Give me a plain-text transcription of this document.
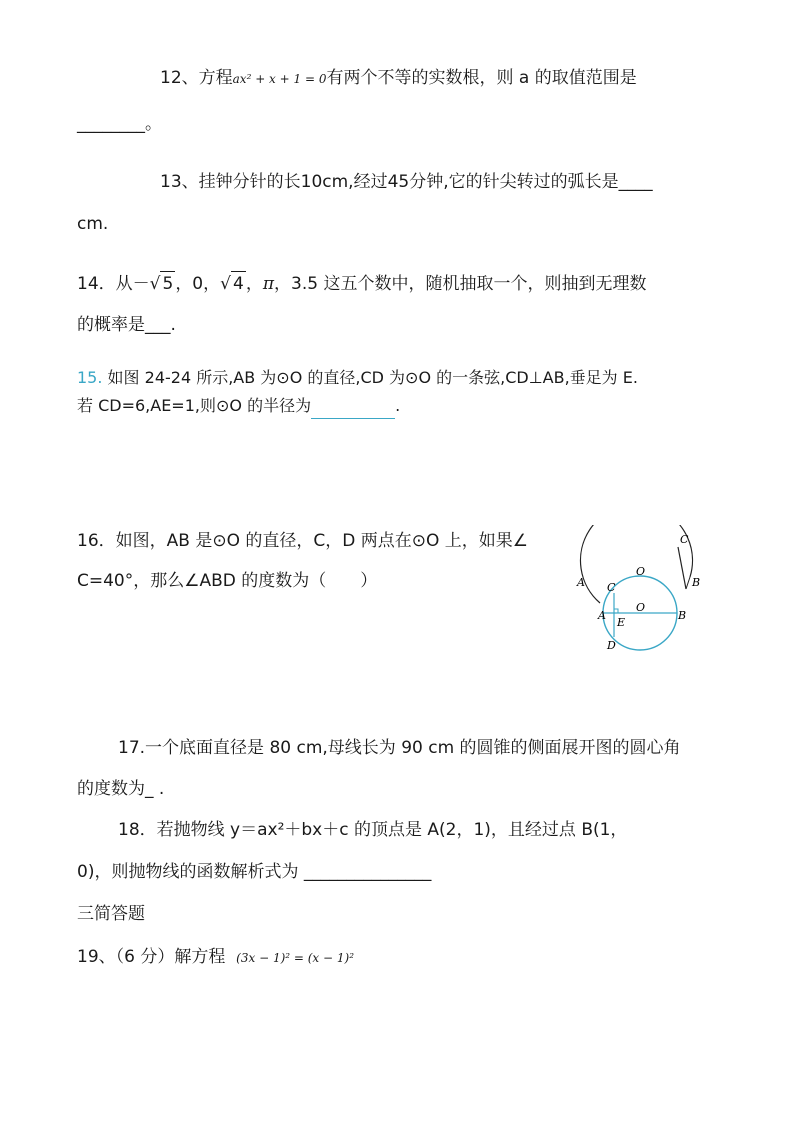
12、方程ax² + x + 1 = 0有两个不等的实数根，则 a 的取值范围是
________。
13、挂钟分针的长10cm,经过45分钟,它的针尖转过的弧长是____
cm.
14．从－√ 5 ，0，√ 4 ，π，3.5 这五个数中，随机抽取一个，则抽到无理数
的概率是___.
15. 如图 24-24 所示,AB 为⊙O 的直径,CD 为⊙O 的一条弦,CD⊥AB,垂足为 E.
若 CD=6,AE=1,则⊙O 的半径为	.
16．如图，AB 是⊙O 的直径，C，D 两点在⊙O 上，如果∠
C=40°，那么∠ABD 的度数为（　　）
C
A	B
O
C
A
O
B
E
D
17.一个底面直径是 80 cm,母线长为 90 cm 的圆锥的侧面展开图的圆心角
的度数为_ .
18．若抛物线 y＝ax²＋bx＋c 的顶点是 A(2，1)，且经过点 B(1，
0)，则抛物线的函数解析式为 _______________
三简答题
19、（6 分）解方程 (3x − 1)² = (x − 1)²
